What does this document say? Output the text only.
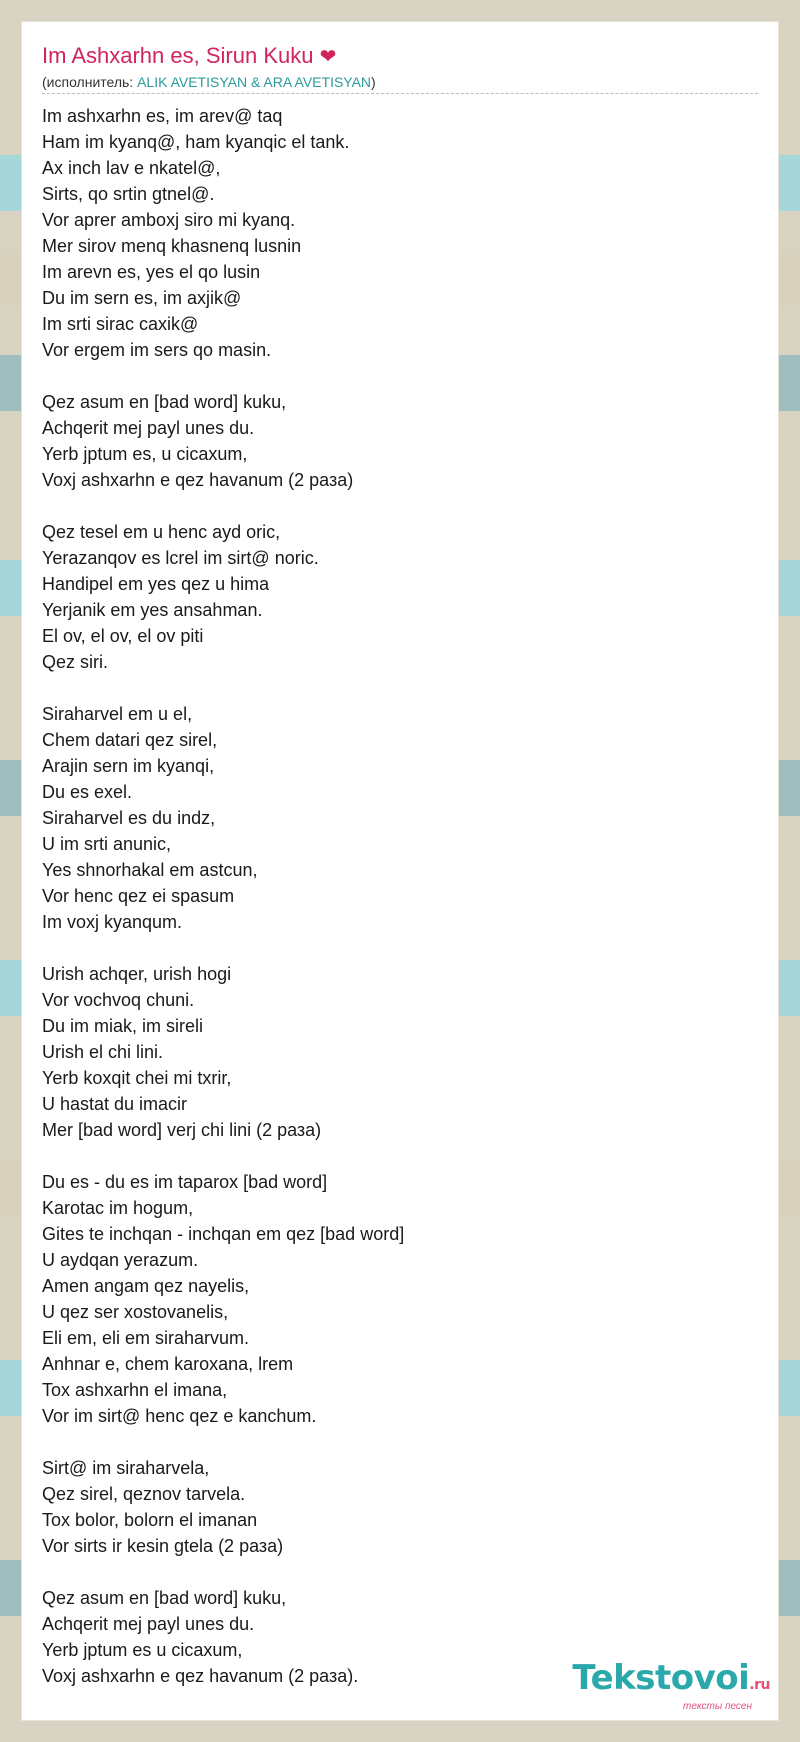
Im Ashxarhn es, Sirun Kuku ❤
(исполнитель: ALIK AVETISYAN & ARA AVETISYAN)
Im ashxarhn es, im arev@ taq
Ham im kyanq@, ham kyanqic el tank.
Ax inch lav e nkatel@,
Sirts, qo srtin gtnel@.
Vor aprer amboxj siro mi kyanq.
Mer sirov menq khasnenq lusnin
Im arevn es, yes el qo lusin
Du im sern es, im axjik@
Im srti sirac caxik@
Vor ergem im sers qo masin.

Qez asum en [bad word] kuku,
Achqerit mej payl unes du.
Yerb jptum es, u cicaxum,
Voxj ashxarhn e qez havanum (2 раза)

Qez tesel em u henc ayd oric,
Yerazanqov es lcrel im sirt@ noric.
Handipel em yes qez u hima
Yerjanik em yes ansahman.
El ov, el ov, el ov piti
Qez siri.

Siraharvel em u el,
Chem datari qez sirel,
Arajin sern im kyanqi,
Du es exel.
Siraharvel es du indz,
U im srti anunic,
Yes shnorhakal em astcun,
Vor henc qez ei spasum
Im voxj kyanqum.

Urish achqer, urish hogi
Vor vochvoq chuni.
Du im miak, im sireli
Urish el chi lini.
Yerb koxqit chei mi txrir,
U hastat du imacir
Mer [bad word] verj chi lini (2 раза)

Du es - du es im taparox [bad word]
Karotac im hogum,
Gites te inchqan - inchqan em qez [bad word]
U aydqan yerazum.
Amen angam qez nayelis,
U qez ser xostovanelis,
Eli em, eli em siraharvum.
Anhnar e, chem karoxana, lrem
Tox ashxarhn el imana,
Vor im sirt@ henc qez e kanchum.

Sirt@ im siraharvela,
Qez sirel, qeznov tarvela.
Tox bolor, bolorn el imanan
Vor sirts ir kesin gtela (2 раза)

Qez asum en [bad word] kuku,
Achqerit mej payl unes du.
Yerb jptum es u cicaxum,
Voxj ashxarhn e qez havanum (2 раза).	Tekstovoi.ru
тексты песен
